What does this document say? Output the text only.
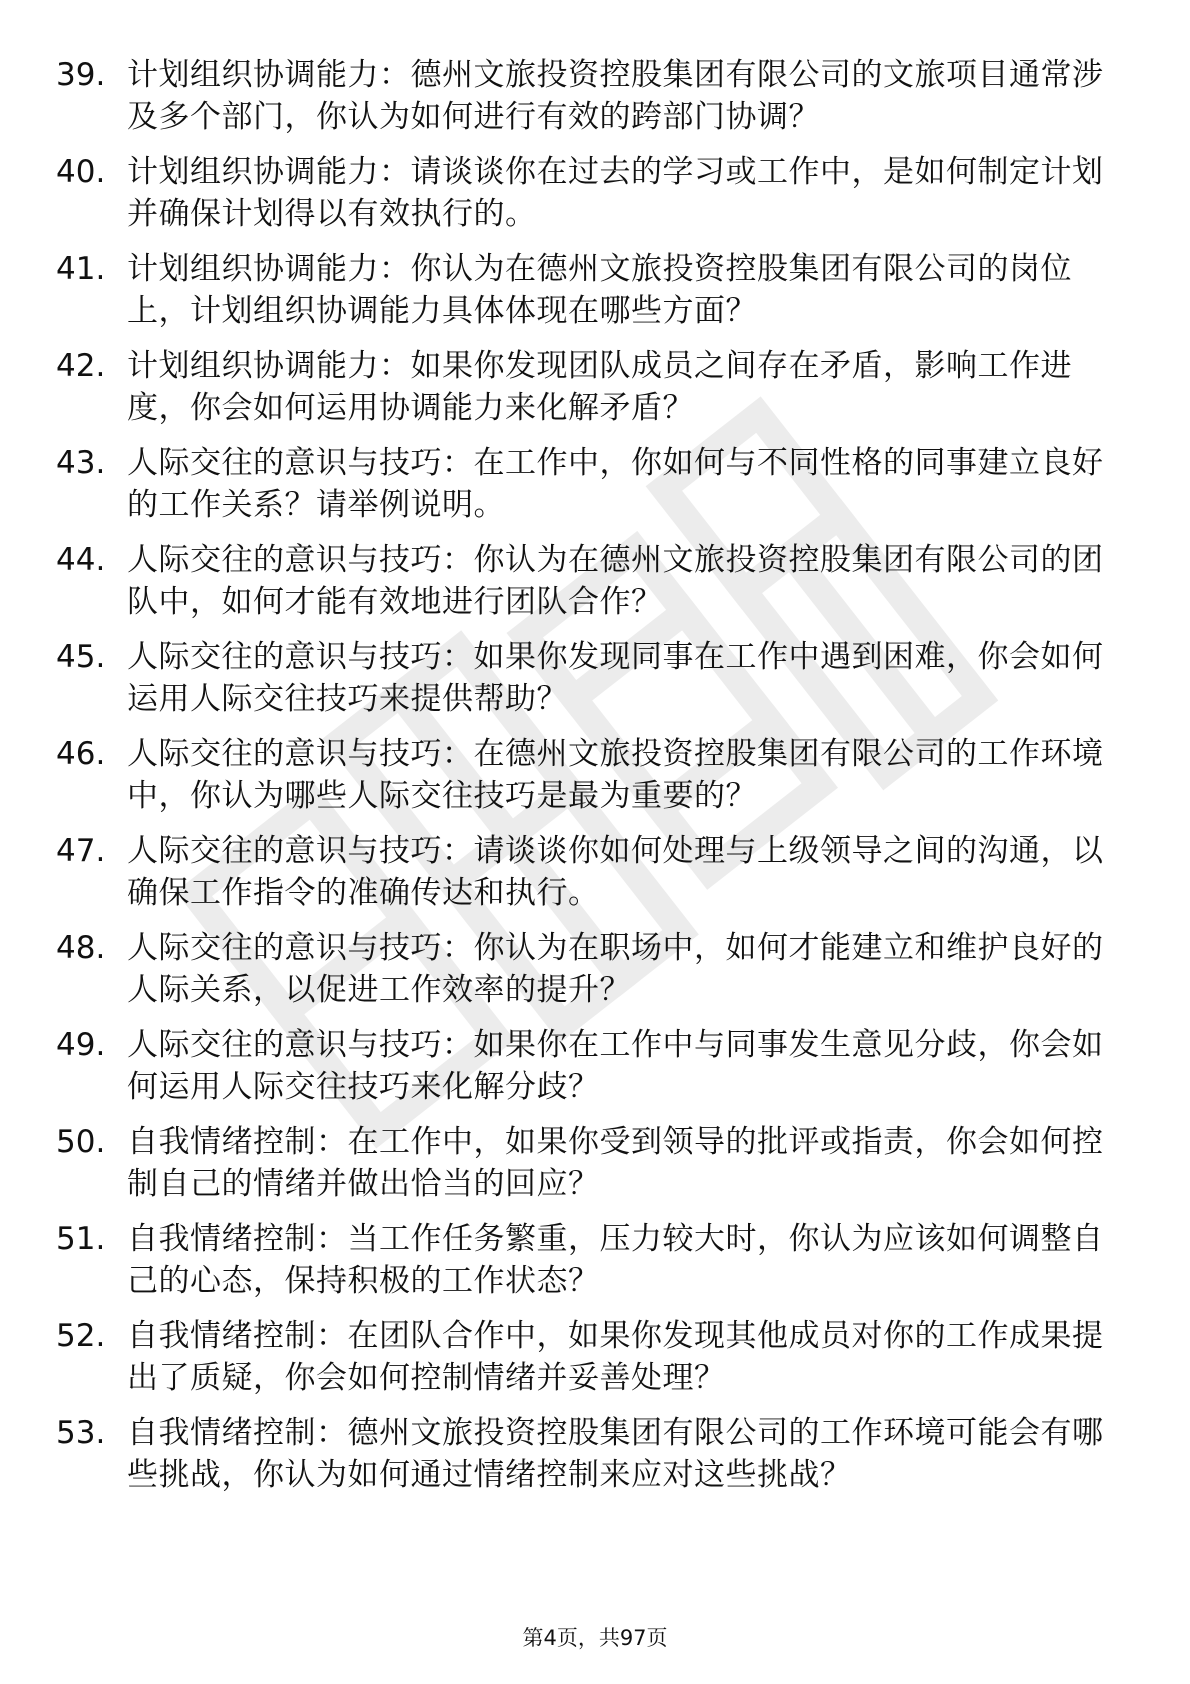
39. 计划组织协调能力：德州文旅投资控股集团有限公司的文旅项目通常涉及多个部门，你认为如何进行有效的跨部门协调？
40. 计划组织协调能力：请谈谈你在过去的学习或工作中，是如何制定计划并确保计划得以有效执行的。
41. 计划组织协调能力：你认为在德州文旅投资控股集团有限公司的岗位上，计划组织协调能力具体体现在哪些方面？
42. 计划组织协调能力：如果你发现团队成员之间存在矛盾，影响工作进度，你会如何运用协调能力来化解矛盾？
43. 人际交往的意识与技巧：在工作中，你如何与不同性格的同事建立良好的工作关系？请举例说明。
44. 人际交往的意识与技巧：你认为在德州文旅投资控股集团有限公司的团队中，如何才能有效地进行团队合作？
45. 人际交往的意识与技巧：如果你发现同事在工作中遇到困难，你会如何运用人际交往技巧来提供帮助？
46. 人际交往的意识与技巧：在德州文旅投资控股集团有限公司的工作环境中，你认为哪些人际交往技巧是最为重要的？
47. 人际交往的意识与技巧：请谈谈你如何处理与上级领导之间的沟通，以确保工作指令的准确传达和执行。
48. 人际交往的意识与技巧：你认为在职场中，如何才能建立和维护良好的人际关系，以促进工作效率的提升？
49. 人际交往的意识与技巧：如果你在工作中与同事发生意见分歧，你会如何运用人际交往技巧来化解分歧？
50. 自我情绪控制：在工作中，如果你受到领导的批评或指责，你会如何控制自己的情绪并做出恰当的回应？
51. 自我情绪控制：当工作任务繁重，压力较大时，你认为应该如何调整自己的心态，保持积极的工作状态？
52. 自我情绪控制：在团队合作中，如果你发现其他成员对你的工作成果提出了质疑，你会如何控制情绪并妥善处理？
53. 自我情绪控制：德州文旅投资控股集团有限公司的工作环境可能会有哪些挑战，你认为如何通过情绪控制来应对这些挑战？
第4页，共97页
